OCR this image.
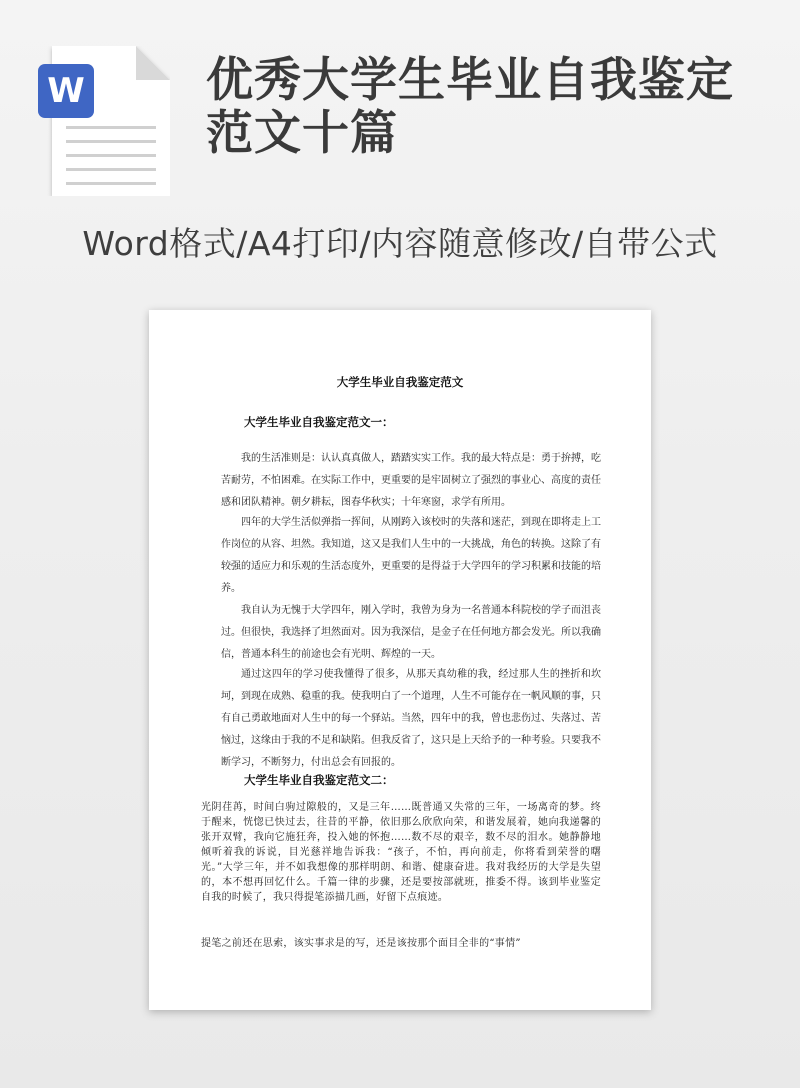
W	优秀大学生毕业自我鉴定范文十篇
Word格式/A4打印/内容随意修改/自带公式
大学生毕业自我鉴定范文
大学生毕业自我鉴定范文一：

我的生活准则是：认认真真做人，踏踏实实工作。我的最大特点是：勇于拚搏，吃苦耐劳，不怕困难。在实际工作中，更重要的是牢固树立了强烈的事业心、高度的责任感和团队精神。朝夕耕耘，图春华秋实；十年寒窗，求学有所用。

四年的大学生活似弹指一挥间，从刚跨入该校时的失落和迷茫，到现在即将走上工作岗位的从容、坦然。我知道，这又是我们人生中的一大挑战，角色的转换。这除了有较强的适应力和乐观的生活态度外，更重要的是得益于大学四年的学习积累和技能的培养。

我自认为无愧于大学四年，刚入学时，我曾为身为一名普通本科院校的学子而沮丧过。但很快，我选择了坦然面对。因为我深信，是金子在任何地方都会发光。所以我确信，普通本科生的前途也会有光明、辉煌的一天。

通过这四年的学习使我懂得了很多，从那天真幼稚的我，经过那人生的挫折和坎坷，到现在成熟、稳重的我。使我明白了一个道理，人生不可能存在一帆风顺的事，只有自己勇敢地面对人生中的每一个驿站。当然，四年中的我，曾也悲伤过、失落过、苦恼过，这缘由于我的不足和缺陷。但我反省了，这只是上天给予的一种考验。只要我不断学习，不断努力，付出总会有回报的。

大学生毕业自我鉴定范文二：

光阴荏苒，时间白驹过隙般的，又是三年……既普通又失常的三年，一场离奇的梦。终于醒来，恍惚已快过去，往昔的平静，依旧那么欣欣向荣，和谐发展着，她向我递馨的张开双臂，我向它施狂奔，投入她的怀抱……数不尽的艰辛，数不尽的泪水。她静静地倾听着我的诉说，目光慈祥地告诉我：“孩子，不怕，再向前走，你将看到荣誉的曙光。”大学三年，并不如我想像的那样明朗、和谐、健康奋进。我对我经历的大学是失望的，本不想再回忆什么。千篇一律的步骤，还是要按部就班，推委不得。该到毕业鉴定自我的时候了，我只得提笔添描几画，好留下点痕迹。

提笔之前还在思索，该实事求是的写，还是该按那个面目全非的“事情”
